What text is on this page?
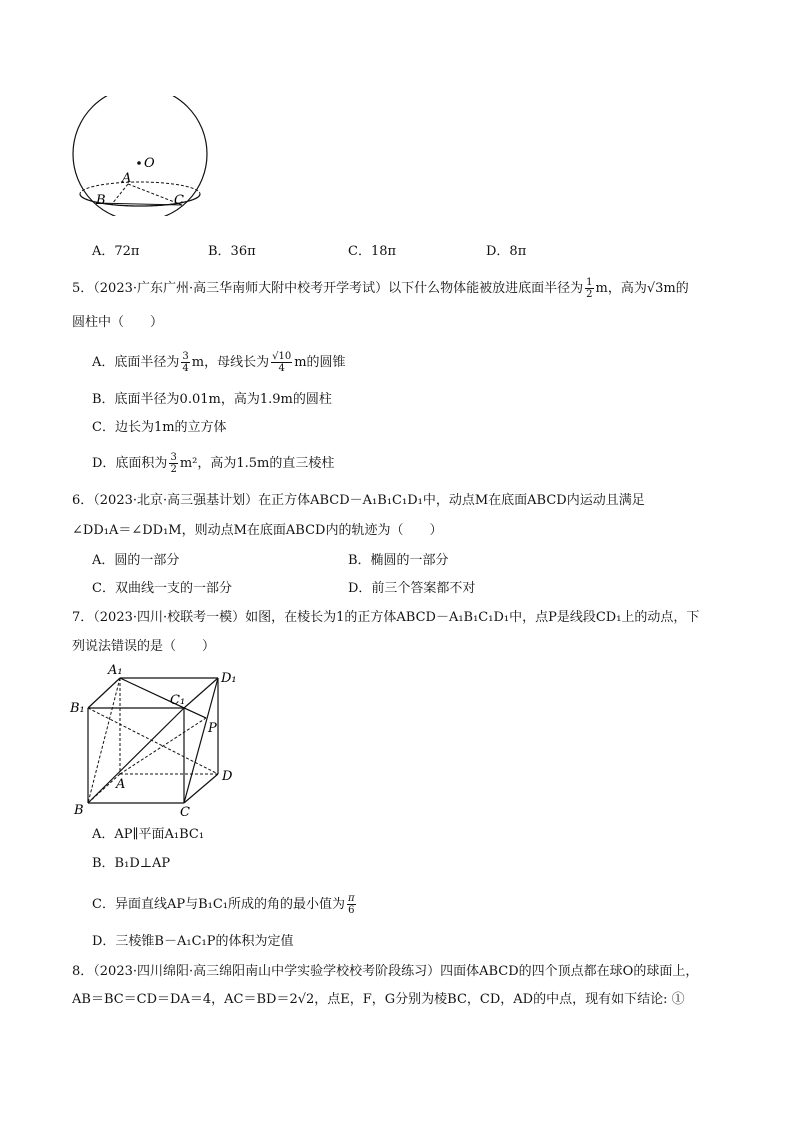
O
A
B	C
A．72π	B．36π	C．18π	D．8π
5．（2023·广东广州·高三华南师大附中校考开学考试）以下什么物体能被放进底面半径为 $\frac{1}{2}$ m，高为√3m的
圆柱中（　　）
A．底面半径为 $\frac{3}{4}$ m，母线长为 $\frac{√10}{4}$ m的圆锥
B．底面半径为0.01m，高为1.9m的圆柱
C．边长为1m的立方体
D．底面积为 $\frac{3}{2} m^2$，高为1.5m的直三棱柱
6．（2023·北京·高三强基计划）在正方体ABCD－A₁B₁C₁D₁中，动点M在底面ABCD内运动且满足
∠DD₁A＝∠DD₁M，则动点M在底面ABCD内的轨迹为（　　）
A．圆的一部分	B．椭圆的一部分
C．双曲线一支的一部分	D．前三个答案都不对
7．（2023·四川·校联考一模）如图，在棱长为1的正方体ABCD－A₁B₁C₁D₁中，点P是线段CD₁上的动点，下
列说法错误的是（　　）
A₁
D₁
B₁
C₁
P
A
D
B	C
A．AP∥平面A₁BC₁
B．B₁D⊥AP
C．异面直线AP与B₁C₁所成的角的最小值为 $\frac{\pi}{6}$
D．三棱锥B－A₁C₁P的体积为定值
8．（2023·四川绵阳·高三绵阳南山中学实验学校校考阶段练习）四面体ABCD的四个顶点都在球O的球面上，
AB＝BC＝CD＝DA＝4，AC＝BD＝2√2，点E，F，G分别为棱BC，CD，AD的中点，现有如下结论: ①
